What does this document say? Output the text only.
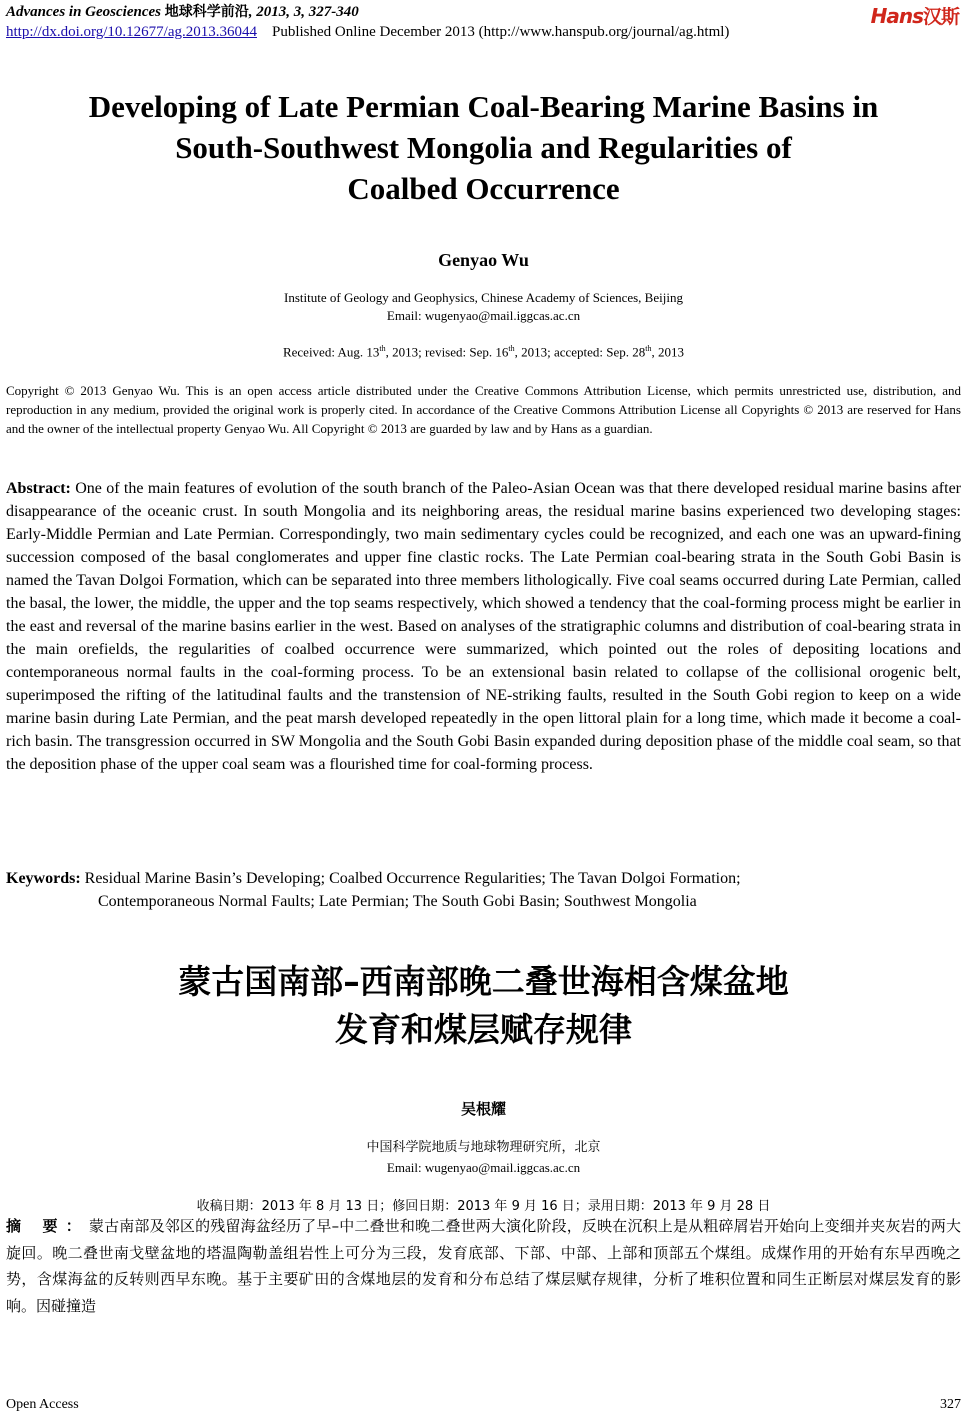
Advances in Geosciences 地球科学前沿, 2013, 3, 327-340
http://dx.doi.org/10.12677/ag.2013.36044 Published Online December 2013 (http://www.hanspub.org/journal/ag.html)
Hans汉斯
Developing of Late Permian Coal-Bearing Marine Basins in
South-Southwest Mongolia and Regularities of
Coalbed Occurrence
Genyao Wu
Institute of Geology and Geophysics, Chinese Academy of Sciences, Beijing
Email: wugenyao@mail.iggcas.ac.cn
Received: Aug. 13th, 2013; revised: Sep. 16th, 2013; accepted: Sep. 28th, 2013
Copyright © 2013 Genyao Wu. This is an open access article distributed under the Creative Commons Attribution License, which permits unrestricted use, distribution, and reproduction in any medium, provided the original work is properly cited. In accordance of the Creative Commons Attribution License all Copyrights © 2013 are reserved for Hans and the owner of the intellectual property Genyao Wu. All Copyright © 2013 are guarded by law and by Hans as a guardian.
Abstract: One of the main features of evolution of the south branch of the Paleo-Asian Ocean was that there developed residual marine basins after disappearance of the oceanic crust. In south Mongolia and its neighboring areas, the residual marine basins experienced two developing stages: Early-Middle Permian and Late Permian. Correspondingly, two main sedimentary cycles could be recognized, and each one was an upward-fining succession composed of the basal conglomerates and upper fine clastic rocks. The Late Permian coal-bearing strata in the South Gobi Basin is named the Tavan Dolgoi Formation, which can be separated into three members lithologically. Five coal seams occurred during Late Permian, called the basal, the lower, the middle, the upper and the top seams respectively, which showed a tendency that the coal-forming process might be earlier in the east and reversal of the marine basins earlier in the west. Based on analyses of the stratigraphic columns and distribution of coal-bearing strata in the main orefields, the regularities of coalbed occurrence were summarized, which pointed out the roles of depositing locations and contemporaneous normal faults in the coal-forming process. To be an extensional basin related to collapse of the collisional orogenic belt, superimposed the rifting of the latitudinal faults and the transtension of NE-striking faults, resulted in the South Gobi region to keep on a wide marine basin during Late Permian, and the peat marsh developed repeatedly in the open littoral plain for a long time, which made it become a coal-rich basin. The transgression occurred in SW Mongolia and the South Gobi Basin expanded during deposition phase of the middle coal seam, so that the deposition phase of the upper coal seam was a flourished time for coal-forming process.
Keywords: Residual Marine Basin’s Developing; Coalbed Occurrence Regularities; The Tavan Dolgoi Formation;
Contemporaneous Normal Faults; Late Permian; The South Gobi Basin; Southwest Mongolia
蒙古国南部–西南部晚二叠世海相含煤盆地
发育和煤层赋存规律
吴根耀
中国科学院地质与地球物理研究所，北京
Email: wugenyao@mail.iggcas.ac.cn
收稿日期：2013 年 8 月 13 日；修回日期：2013 年 9 月 16 日；录用日期：2013 年 9 月 28 日
摘 要：蒙古南部及邻区的残留海盆经历了早–中二叠世和晚二叠世两大演化阶段，反映在沉积上是从粗碎屑岩开始向上变细并夹灰岩的两大旋回。晚二叠世南戈壁盆地的塔温陶勒盖组岩性上可分为三段，发育底部、下部、中部、上部和顶部五个煤组。成煤作用的开始有东早西晚之势，含煤海盆的反转则西早东晚。基于主要矿田的含煤地层的发育和分布总结了煤层赋存规律，分析了堆积位置和同生正断层对煤层发育的影响。因碰撞造
Open Access	327
